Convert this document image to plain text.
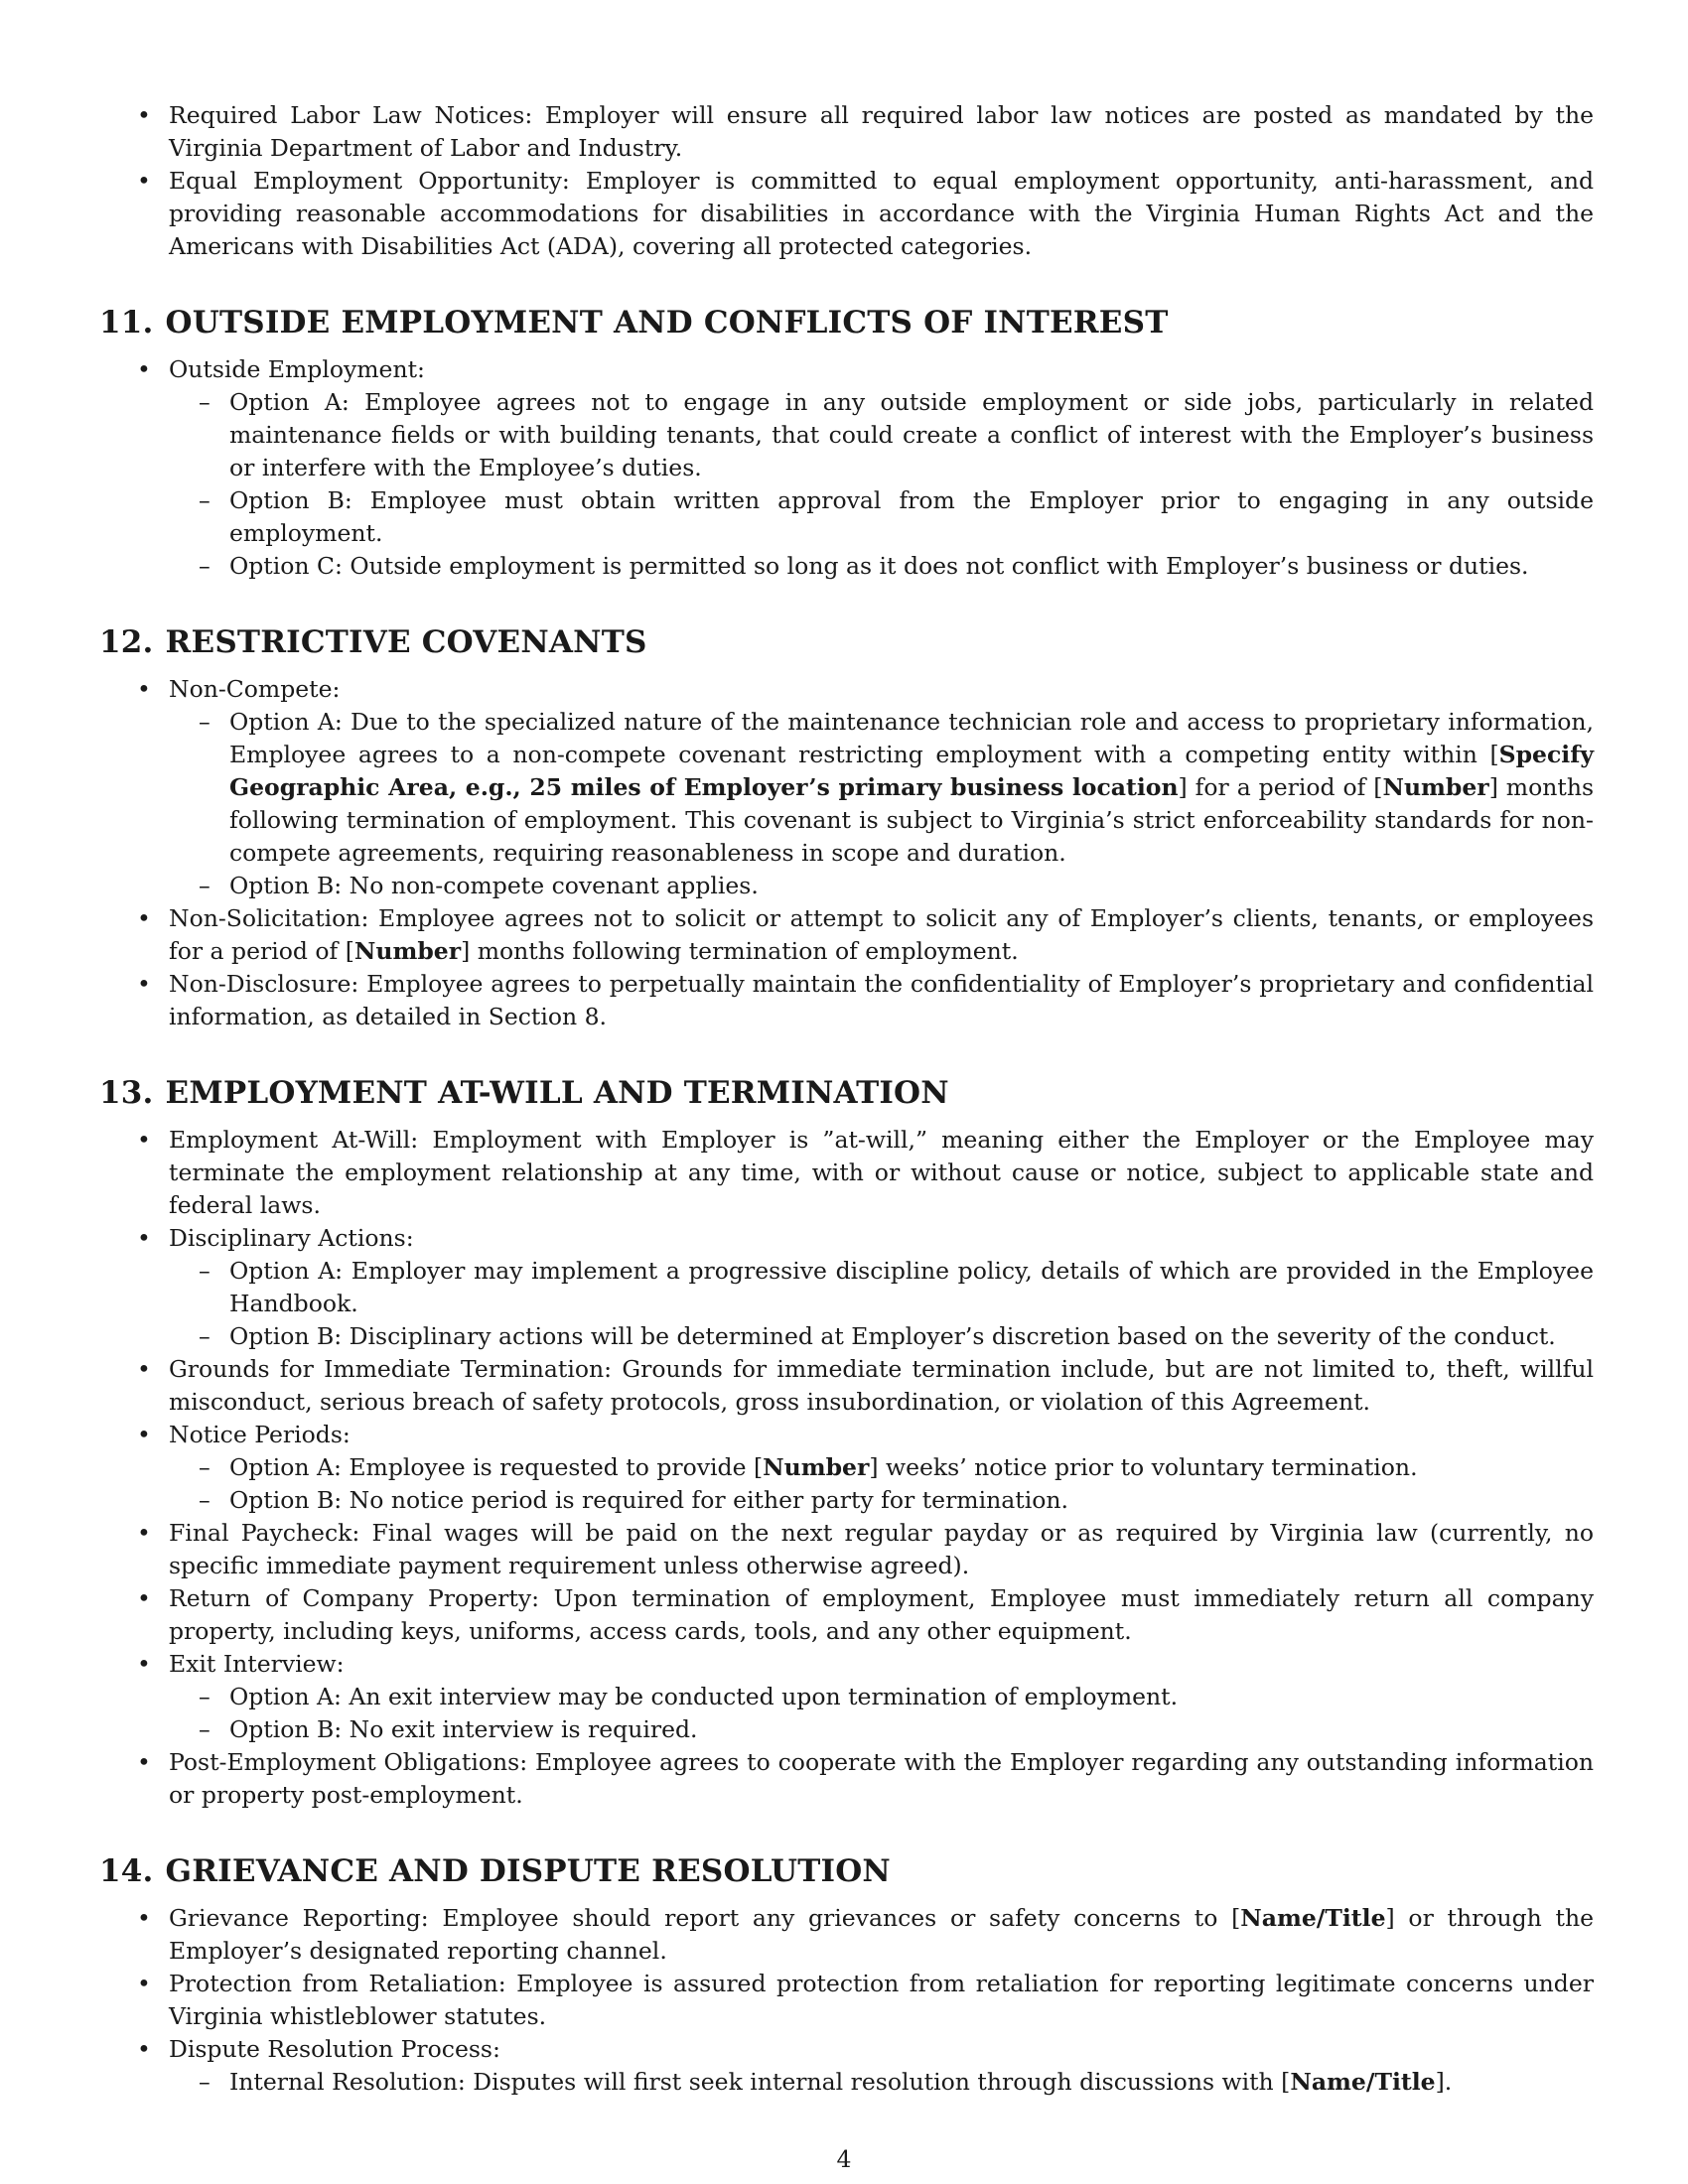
• Required Labor Law Notices: Employer will ensure all required labor law notices are posted as mandated by the Virginia Department of Labor and Industry.
• Equal Employment Opportunity: Employer is committed to equal employment opportunity, anti-harassment, and providing reasonable accommodations for disabilities in accordance with the Virginia Human Rights Act and the Americans with Disabilities Act (ADA), covering all protected categories.
11. OUTSIDE EMPLOYMENT AND CONFLICTS OF INTEREST
• Outside Employment:
– Option A: Employee agrees not to engage in any outside employment or side jobs, particularly in related maintenance fields or with building tenants, that could create a conflict of interest with the Employer’s business or interfere with the Employee’s duties.
– Option B: Employee must obtain written approval from the Employer prior to engaging in any outside employment.
– Option C: Outside employment is permitted so long as it does not conflict with Employer’s business or duties.
12. RESTRICTIVE COVENANTS
• Non-Compete:
– Option A: Due to the specialized nature of the maintenance technician role and access to proprietary information, Employee agrees to a non-compete covenant restricting employment with a competing entity within [Specify Geographic Area, e.g., 25 miles of Employer’s primary business location] for a period of [Number] months following termination of employment. This covenant is subject to Virginia’s strict enforceability standards for non-compete agreements, requiring reasonableness in scope and duration.
– Option B: No non-compete covenant applies.
• Non-Solicitation: Employee agrees not to solicit or attempt to solicit any of Employer’s clients, tenants, or employees for a period of [Number] months following termination of employment.
• Non-Disclosure: Employee agrees to perpetually maintain the confidentiality of Employer’s proprietary and confidential information, as detailed in Section 8.
13. EMPLOYMENT AT-WILL AND TERMINATION
• Employment At-Will: Employment with Employer is ”at-will,” meaning either the Employer or the Employee may terminate the employment relationship at any time, with or without cause or notice, subject to applicable state and federal laws.
• Disciplinary Actions:
– Option A: Employer may implement a progressive discipline policy, details of which are provided in the Employee Handbook.
– Option B: Disciplinary actions will be determined at Employer’s discretion based on the severity of the conduct.
• Grounds for Immediate Termination: Grounds for immediate termination include, but are not limited to, theft, willful misconduct, serious breach of safety protocols, gross insubordination, or violation of this Agreement.
• Notice Periods:
– Option A: Employee is requested to provide [Number] weeks’ notice prior to voluntary termination.
– Option B: No notice period is required for either party for termination.
• Final Paycheck: Final wages will be paid on the next regular payday or as required by Virginia law (currently, no specific immediate payment requirement unless otherwise agreed).
• Return of Company Property: Upon termination of employment, Employee must immediately return all company property, including keys, uniforms, access cards, tools, and any other equipment.
• Exit Interview:
– Option A: An exit interview may be conducted upon termination of employment.
– Option B: No exit interview is required.
• Post-Employment Obligations: Employee agrees to cooperate with the Employer regarding any outstanding information or property post-employment.
14. GRIEVANCE AND DISPUTE RESOLUTION
• Grievance Reporting: Employee should report any grievances or safety concerns to [Name/Title] or through the Employer’s designated reporting channel.
• Protection from Retaliation: Employee is assured protection from retaliation for reporting legitimate concerns under Virginia whistleblower statutes.
• Dispute Resolution Process:
– Internal Resolution: Disputes will first seek internal resolution through discussions with [Name/Title].
4
